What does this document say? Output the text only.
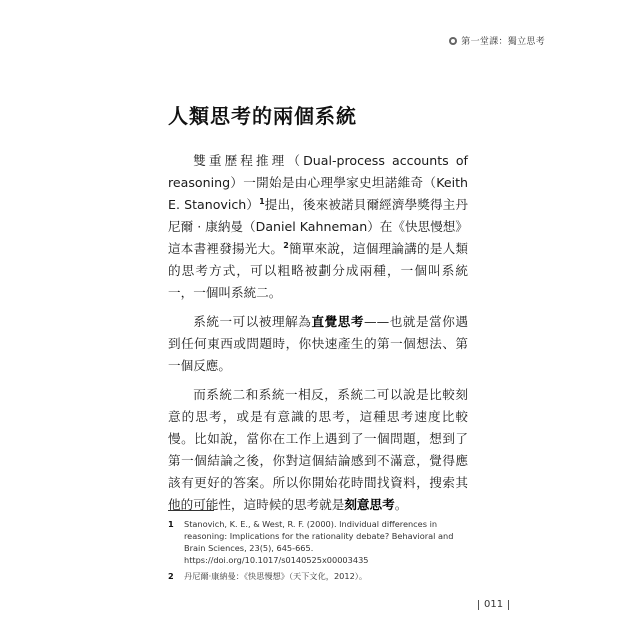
第一堂課：獨立思考
人類思考的兩個系統

雙重歷程推理（Dual-process accounts of reasoning）一開始是由心理學家史坦諾維奇（Keith E. Stanovich）$^1$提出，後來被諾貝爾經濟學獎得主丹尼爾 · 康納曼（Daniel Kahneman）在《快思慢想》這本書裡發揚光大。$^2$簡單來說，這個理論講的是人類的思考方式，可以粗略被劃分成兩種，一個叫系統一，一個叫系統二。

系統一可以被理解為直覺思考——也就是當你遇到任何東西或問題時，你快速產生的第一個想法、第一個反應。

而系統二和系統一相反，系統二可以說是比較刻意的思考，或是有意識的思考，這種思考速度比較慢。比如說，當你在工作上遇到了一個問題，想到了第一個結論之後，你對這個結論感到不滿意，覺得應該有更好的答案。所以你開始花時間找資料，搜索其他的可能性，這時候的思考就是刻意思考。

1 Stanovich, K. E., & West, R. F. (2000). Individual differences in reasoning: Implications for the rationality debate? Behavioral and Brain Sciences, 23(5), 645-665. https://doi.org/10.1017/s0140525x00003435
2 丹尼爾·康納曼：《快思慢想》（天下文化，2012）。
011
